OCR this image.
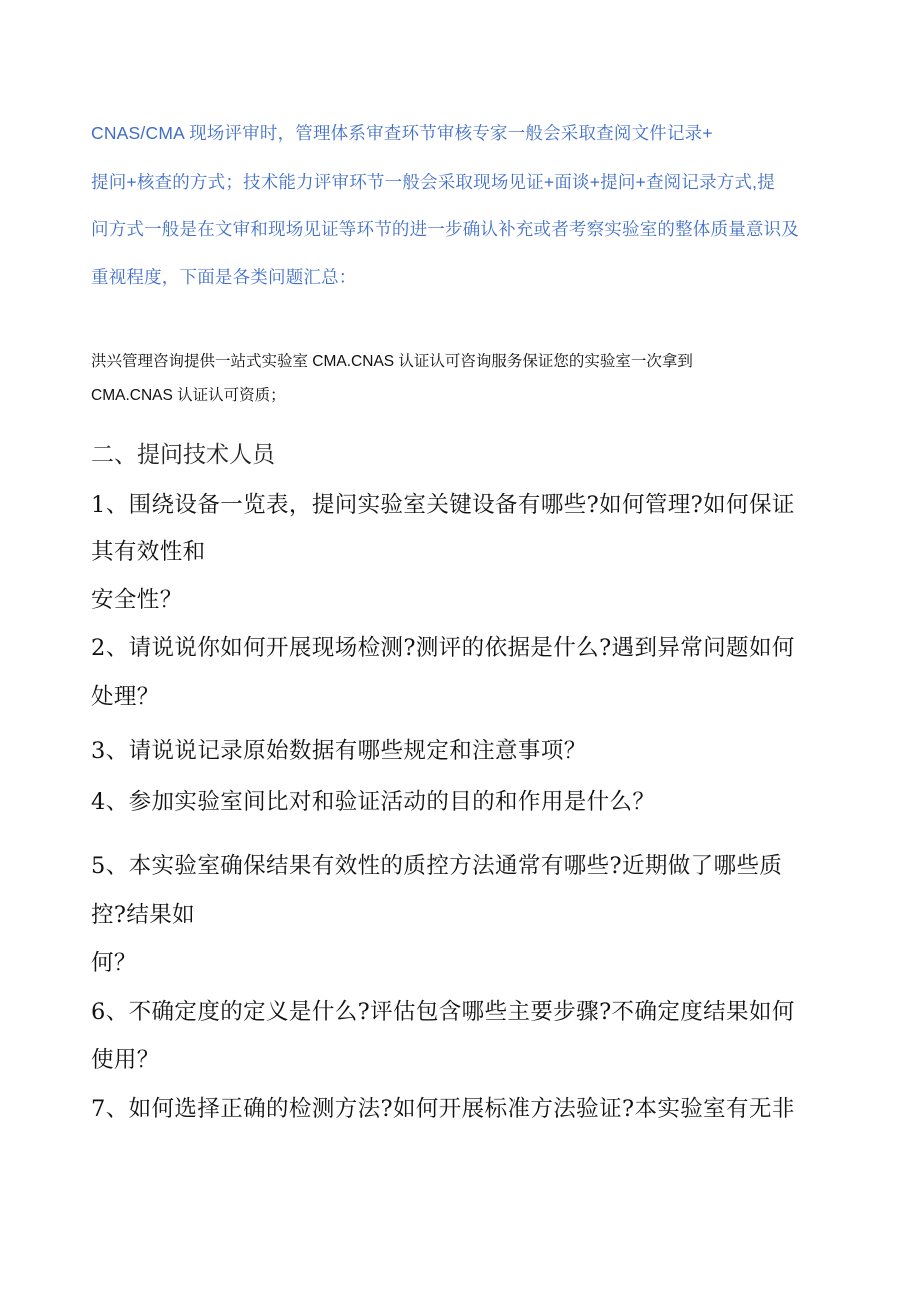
CNAS/CMA 现场评审时，管理体系审查环节审核专家一般会采取查阅文件记录+

提问+核查的方式；技术能力评审环节一般会采取现场见证+面谈+提问+查阅记录方式,提

问方式一般是在文审和现场见证等环节的进一步确认补充或者考察实验室的整体质量意识及

重视程度，下面是各类问题汇总：

洪兴管理咨询提供一站式实验室 CMA.CNAS 认证认可咨询服务保证您的实验室一次拿到

CMA.CNAS 认证认可资质；

二、提问技术人员

1、围绕设备一览表，提问实验室关键设备有哪些?如何管理?如何保证

其有效性和

安全性？

2、请说说你如何开展现场检测?测评的依据是什么?遇到异常问题如何

处理？

3、请说说记录原始数据有哪些规定和注意事项？

4、参加实验室间比对和验证活动的目的和作用是什么？

5、本实验室确保结果有效性的质控方法通常有哪些?近期做了哪些质

控?结果如

何？

6、不确定度的定义是什么?评估包含哪些主要步骤?不确定度结果如何

使用？

7、如何选择正确的检测方法?如何开展标准方法验证?本实验室有无非
